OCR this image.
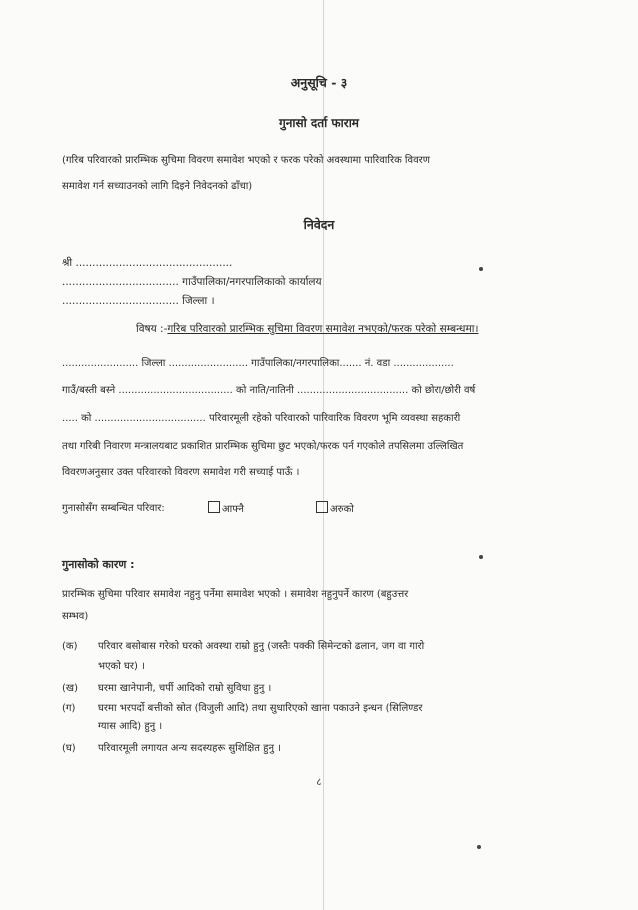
अनुसूचि - ३
गुनासो दर्ता फाराम
(गरिब परिवारको प्रारम्भिक सुचिमा विवरण समावेश भएको र फरक परेको अवस्थामा पारिवारिक विवरण
समावेश गर्न सच्याउनको लागि दिइने निवेदनको ढाँचा)
निवेदन
श्री ...............................................
................................... गाउँपालिका/नगरपालिकाको कार्यालय
................................... जिल्ला ।
विषय :-गरिब परिवारको प्रारम्भिक सुचिमा विवरण समावेश नभएको/फरक परेको सम्बन्धमा।
........................ जिल्ला ......................... गाउँपालिका/नगरपालिका....... नं. वडा ...................
गाउँ/बस्ती बस्ने .................................... को नाति/नातिनी ................................... को छोरा/छोरी वर्ष
..... को ................................... परिवारमूली रहेको परिवारको पारिवारिक विवरण भूमि व्यवस्था सहकारी
तथा गरिबी निवारण मन्त्रालयबाट प्रकाशित प्रारम्भिक सुचिमा छुट भएको/फरक पर्न गएकोले तपसिलमा उल्लिखित
विवरणअनुसार उक्त परिवारको विवरण समावेश गरी सच्याई पाऊँ ।
गुनासोसँग सम्बन्धित परिवार:	आफ्नै	अरुको
गुनासोको कारण :
प्रारम्भिक सुचिमा परिवार समावेश नहुनु पर्नेमा समावेश भएको । समावेश नहुनुपर्ने कारण (बहुउत्तर
सम्भव)
(क) परिवार बसोबास गरेको घरको अवस्था राम्रो हुनु (जस्तैः पक्की सिमेन्टको ढलान, जग वा गारो
भएको घर) ।
(ख) घरमा खानेपानी, चर्पी आदिको राम्रो सुविधा हुनु ।
(ग) घरमा भरपर्दो बत्तीको स्रोत (विजुली आदि) तथा सुधारिएको खाना पकाउने इन्धन (सिलिण्डर
ग्यास आदि) हुनु ।
(घ) परिवारमूली लगायत अन्य सदस्यहरू सुशिक्षित हुनु ।
८
